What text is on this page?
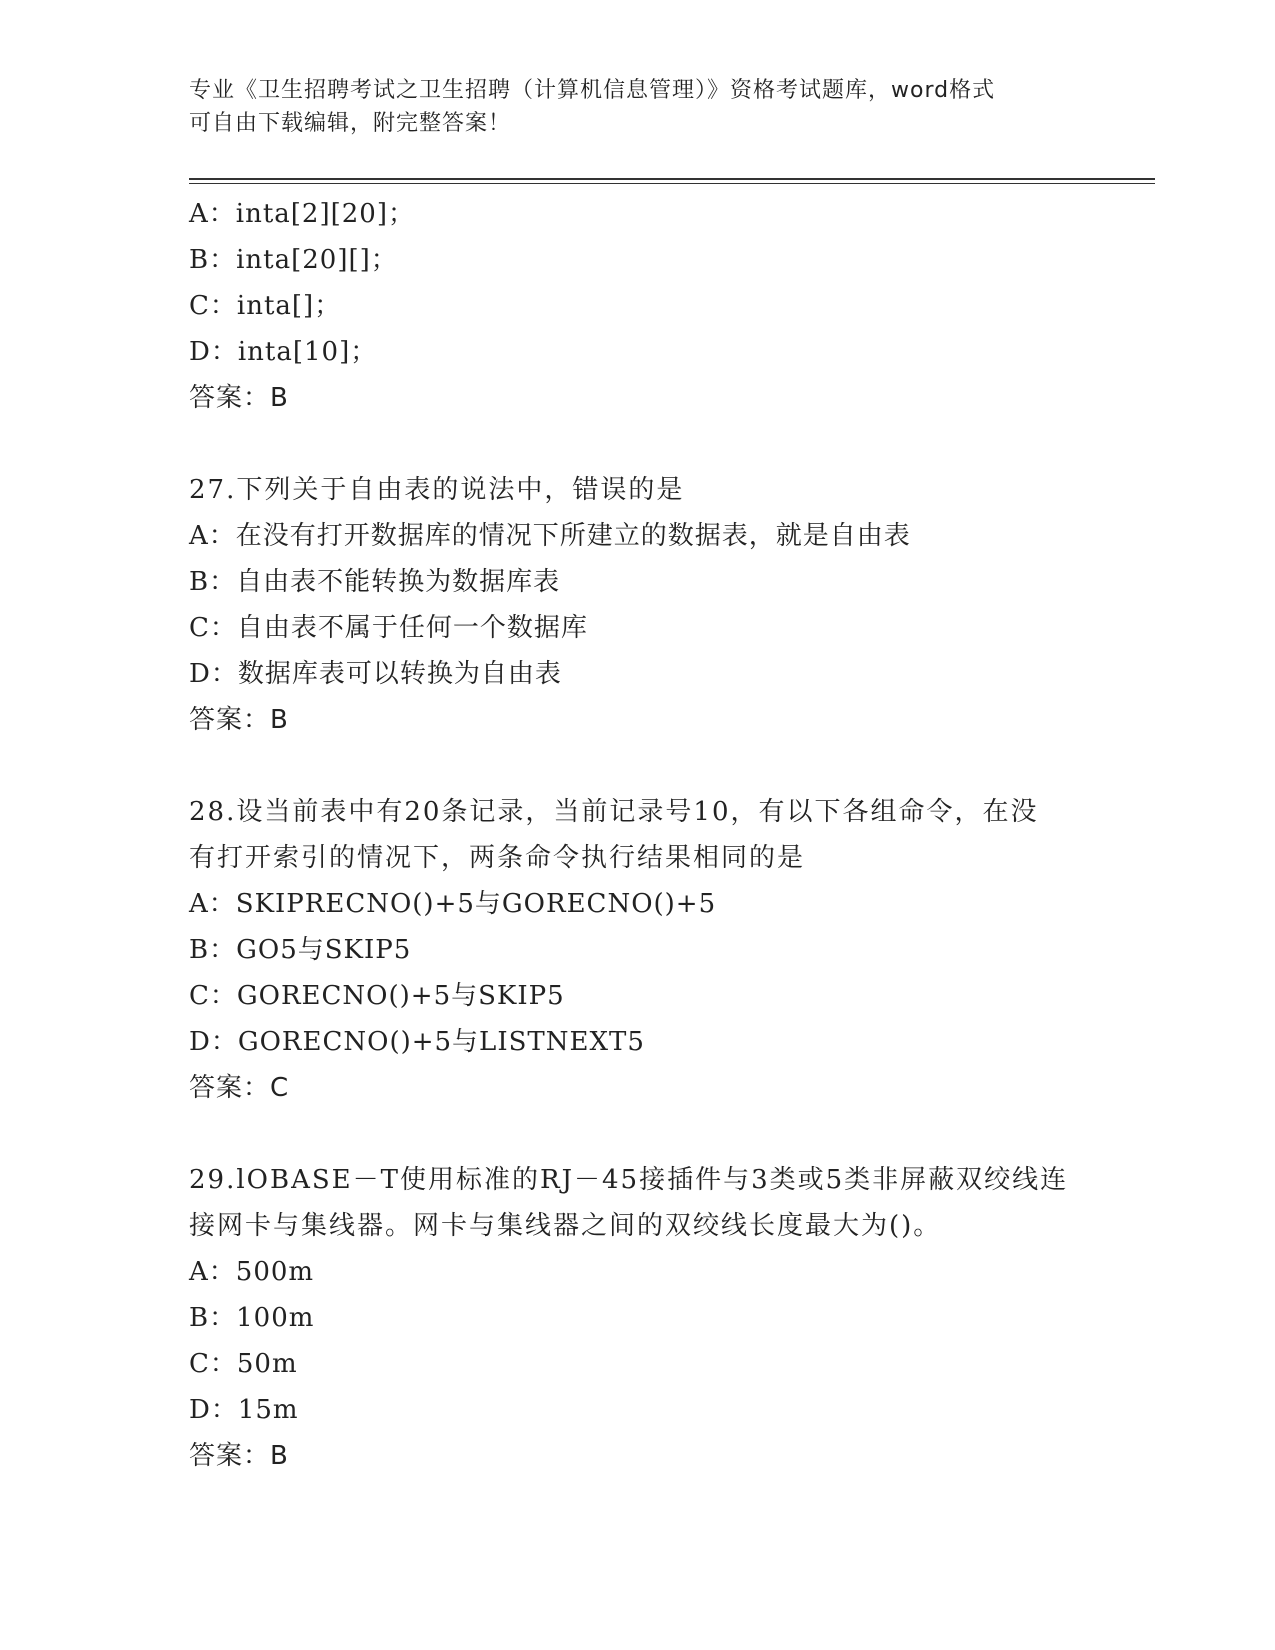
专业《卫生招聘考试之卫生招聘（计算机信息管理）》资格考试题库，word格式
可自由下载编辑，附完整答案！
A：inta[2][20]；
B：inta[20][]；
C：inta[]；
D：inta[10]；
答案：B
27.下列关于自由表的说法中，错误的是
A：在没有打开数据库的情况下所建立的数据表，就是自由表
B：自由表不能转换为数据库表
C：自由表不属于任何一个数据库
D：数据库表可以转换为自由表
答案：B
28.设当前表中有20条记录，当前记录号10，有以下各组命令，在没
有打开索引的情况下，两条命令执行结果相同的是
A：SKIPRECNO()+5与GORECNO()+5
B：GO5与SKIP5
C：GORECNO()+5与SKIP5
D：GORECNO()+5与LISTNEXT5
答案：C
29.lOBASE－T使用标准的RJ－45接插件与3类或5类非屏蔽双绞线连
接网卡与集线器。网卡与集线器之间的双绞线长度最大为()。
A：500m
B：100m
C：50m
D：15m
答案：B
